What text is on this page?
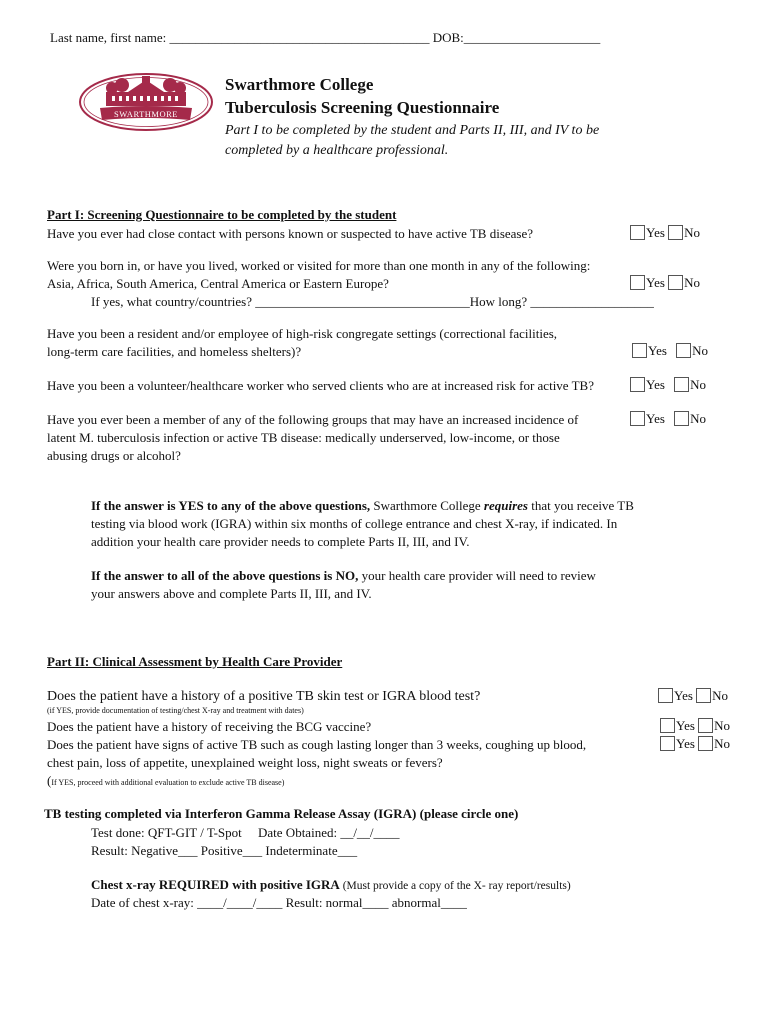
Last name, first name: ________________________________________ DOB:_____________________
SWARTHMORE
Swarthmore College
Tuberculosis Screening Questionnaire
Part I to be completed by the student and Parts II, III, and IV to be
completed by a healthcare professional.
Part I: Screening Questionnaire to be completed by the student
Have you ever had close contact with persons known or suspected to have active TB disease?	Yes No
Were you born in, or have you lived, worked or visited for more than one month in any of the following:
Asia, Africa, South America, Central America or Eastern Europe?	Yes No
If yes, what country/countries? _________________________________How long? ___________________
Have you been a resident and/or employee of high-risk congregate settings (correctional facilities,
long-term care facilities, and homeless shelters)?	Yes No
Have you been a volunteer/healthcare worker who served clients who are at increased risk for active TB?	Yes No
Have you ever been a member of any of the following groups that may have an increased incidence of	Yes No
latent M. tuberculosis infection or active TB disease: medically underserved, low-income, or those
abusing drugs or alcohol?
If the answer is YES to any of the above questions, Swarthmore College requires that you receive TB
testing via blood work (IGRA) within six months of college entrance and chest X-ray, if indicated. In
addition your health care provider needs to complete Parts II, III, and IV.
If the answer to all of the above questions is NO, your health care provider will need to review
your answers above and complete Parts II, III, and IV.
Part II: Clinical Assessment by Health Care Provider
Does the patient have a history of a positive TB skin test or IGRA blood test?	Yes No
(if YES, provide documentation of testing/chest X-ray and treatment with dates)
Does the patient have a history of receiving the BCG vaccine?	Yes No
Does the patient have signs of active TB such as cough lasting longer than 3 weeks, coughing up blood,	Yes No
chest pain, loss of appetite, unexplained weight loss, night sweats or fevers?
(If YES, proceed with additional evaluation to exclude active TB disease)
TB testing completed via Interferon Gamma Release Assay (IGRA) (please circle one)
Test done: QFT-GIT / T-Spot     Date Obtained: __/__/____
Result: Negative___ Positive___ Indeterminate___
Chest x-ray REQUIRED with positive IGRA (Must provide a copy of the X- ray report/results)
Date of chest x-ray: ____/____/____ Result: normal____ abnormal____
